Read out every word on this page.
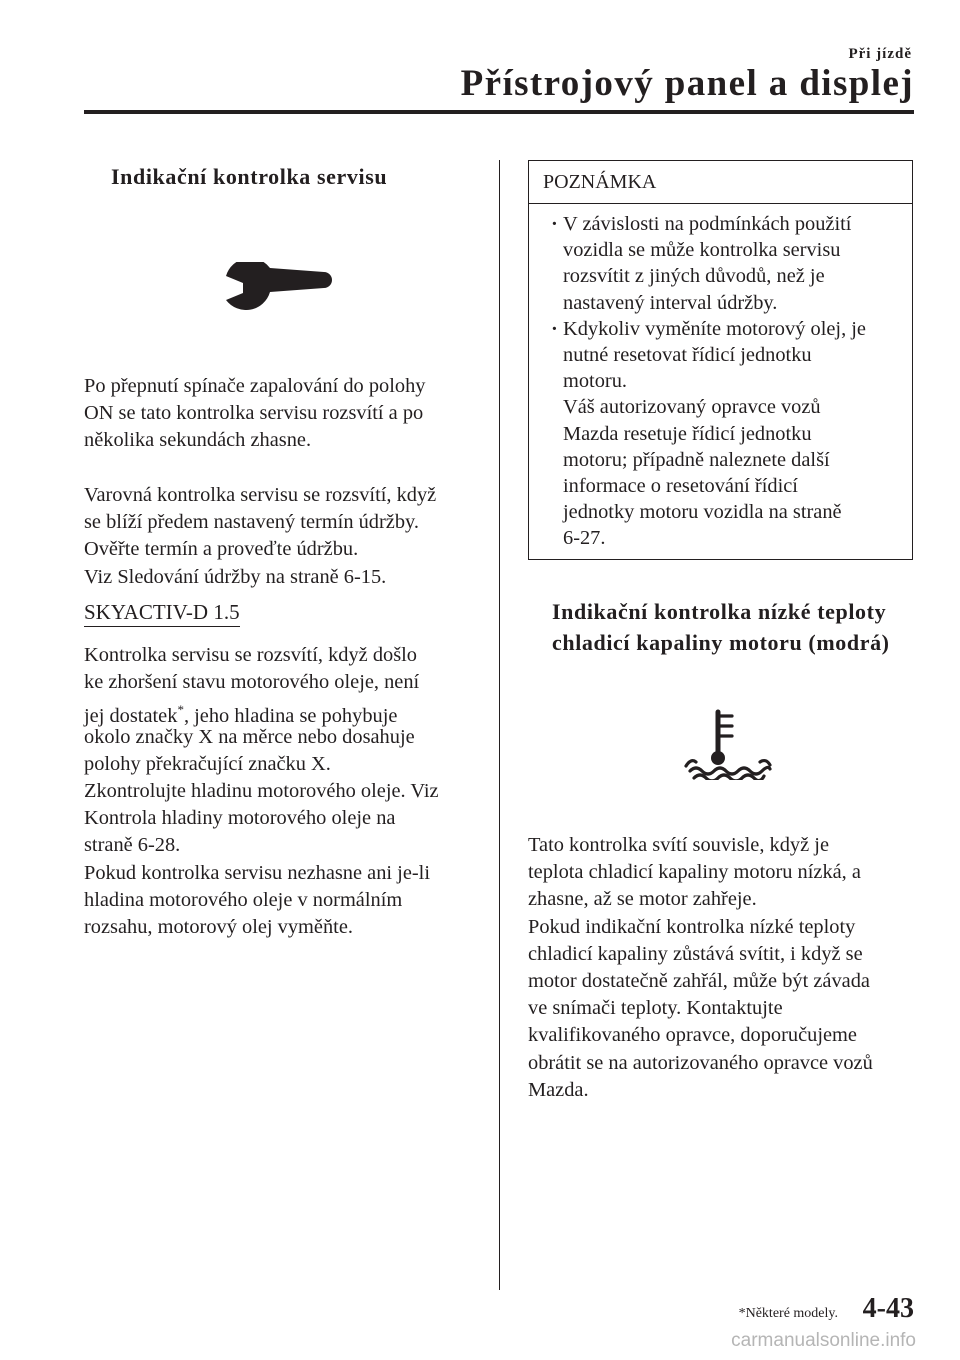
Při jízdě
Přístrojový panel a displej
Indikační kontrolka servisu
Po přepnutí spínače zapalování do polohy
ON se tato kontrolka servisu rozsvítí a po
několika sekundách zhasne.
Varovná kontrolka servisu se rozsvítí, když
se blíží předem nastavený termín údržby.
Ověřte termín a proveďte údržbu.
Viz Sledování údržby na straně 6-15.
SKYACTIV-D 1.5
Kontrolka servisu se rozsvítí, když došlo
ke zhoršení stavu motorového oleje, není
jej dostatek*, jeho hladina se pohybuje
okolo značky X na měrce nebo dosahuje
polohy překračující značku X.
Zkontrolujte hladinu motorového oleje. Viz
Kontrola hladiny motorového oleje na
straně 6-28.
Pokud kontrolka servisu nezhasne ani je-li
hladina motorového oleje v normálním
rozsahu, motorový olej vyměňte.
POZNÁMKA
· V závislosti na podmínkách použití
vozidla se může kontrolka servisu
rozsvítit z jiných důvodů, než je
nastavený interval údržby.
· Kdykoliv vyměníte motorový olej, je
nutné resetovat řídicí jednotku
motoru.
Váš autorizovaný opravce vozů
Mazda resetuje řídicí jednotku
motoru; případně naleznete další
informace o resetování řídicí
jednotky motoru vozidla na straně
6-27.
Indikační kontrolka nízké teploty
chladicí kapaliny motoru (modrá)
Tato kontrolka svítí souvisle, když je
teplota chladicí kapaliny motoru nízká, a
zhasne, až se motor zahřeje.
Pokud indikační kontrolka nízké teploty
chladicí kapaliny zůstává svítit, i když se
motor dostatečně zahřál, může být závada
ve snímači teploty. Kontaktujte
kvalifikovaného opravce, doporučujeme
obrátit se na autorizovaného opravce vozů
Mazda.
*Některé modely. 4-43
carmanualsonline.info
